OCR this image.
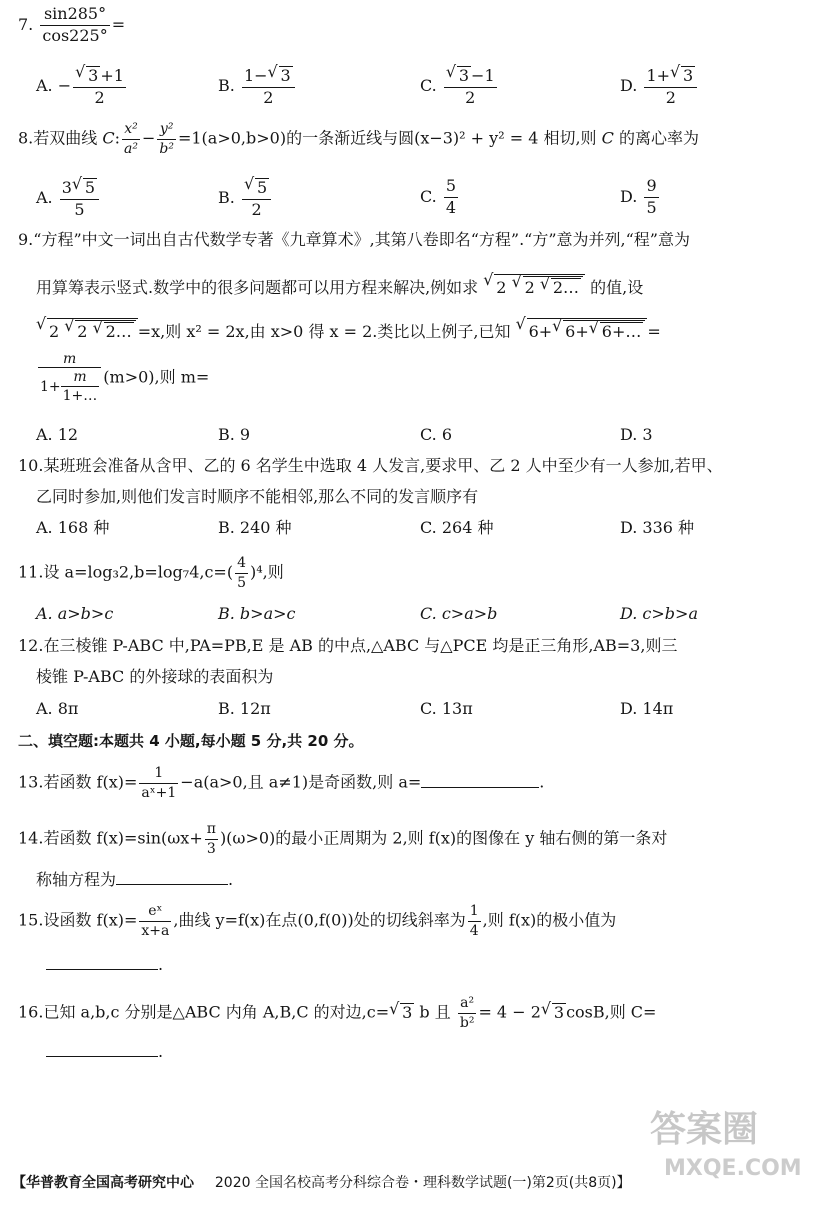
7. $\frac{\sin 285^\circ}{\cos 225^\circ}$ =
A. −
√ $\frac{3 +1}{2}$	B. $\frac{1-√ 3}{2}$	C.
√ $\frac{3 -1}{2}$	D. $\frac{1+√ 3}{2}$
8.若双曲线 C: $\frac{\text{x²}}{\text{a²}} - \frac{\text{y²}}{\text{b²}} =1(a>0,b>0)$的一条渐近线与圆(x−3)² + y² = 4 相切,则 C 的离心率为
A. $\frac{3√ 5}{5}$	B.
√ $\frac{5}{2}$	C. $\frac{5}{4}$	D. $\frac{9}{5}$
9.“方程”中文一词出自古代数学专著《九章算术》,其第八卷即名“方程”.“方”意为并列,“程”意为
用算筹表示竖式.数学中的很多问题都可以用方程来解决,例如求 √ 2 √ 2 √ 2… 的值,设
√ 2 √ 2 √ 2… =x,则 x² = 2x,由 x>0 得 x = 2.类比以上例子,已知 √ 6+√ 6+√ 6+… =
$\frac{m}{1+ \frac{m}{1+\dots}} (m>0)$,则 m=
A. 12	B. 9	C. 6	D. 3
10.某班班会准备从含甲、乙的 6 名学生中选取 4 人发言,要求甲、乙 2 人中至少有一人参加,若甲、
乙同时参加,则他们发言时顺序不能相邻,那么不同的发言顺序有
A. 168 种	B. 240 种	C. 264 种	D. 336 种
11.设 $a=\log_32,b=\log_74,c=( \frac{4}{5} )^4$,则
A. a>b>c	B. b>a>c	C. c>a>b	D. c>b>a
12.在三棱锥 P-ABC 中,PA=PB,E 是 AB 的中点,△ABC 与△PCE 均是正三角形,AB=3,则三
棱锥 P-ABC 的外接球的表面积为
A. 8π	B. 12π	C. 13π	D. 14π
二、填空题:本题共 4 小题,每小题 5 分,共 20 分。
13.若函数 $f(x)= \frac{1}{\text{aˣ+1}} -a(a>0$,且 a≠1)是奇函数,则 a=	.
14.若函数 $f(x)=\sin(\omega x+ \frac{\pi}{3} )(\omega>0)$的最小正周期为 2,则 f(x)的图像在 y 轴右侧的第一条对
称轴方程为	.
15.设函数 $f(x)= \frac{\text{eˣ}}{x+a}$ ,曲线 y=f(x)在点(0,f(0))处的切线斜率为 $\frac{1}{4}$ ,则 f(x)的极小值为
.
16.已知 a,b,c 分别是△ABC 内角 A,B,C 的对边,c=√ 3 b 且 $\frac{\text{a²}}{\text{b²}} = 4 - 2√$ 3 cosB,则 C=
.
【华普教育全国高考研究中心 2020 全国名校高考分科综合卷・理科数学试题(一)第2页(共8页)】
答案圈
MXQE.COM
